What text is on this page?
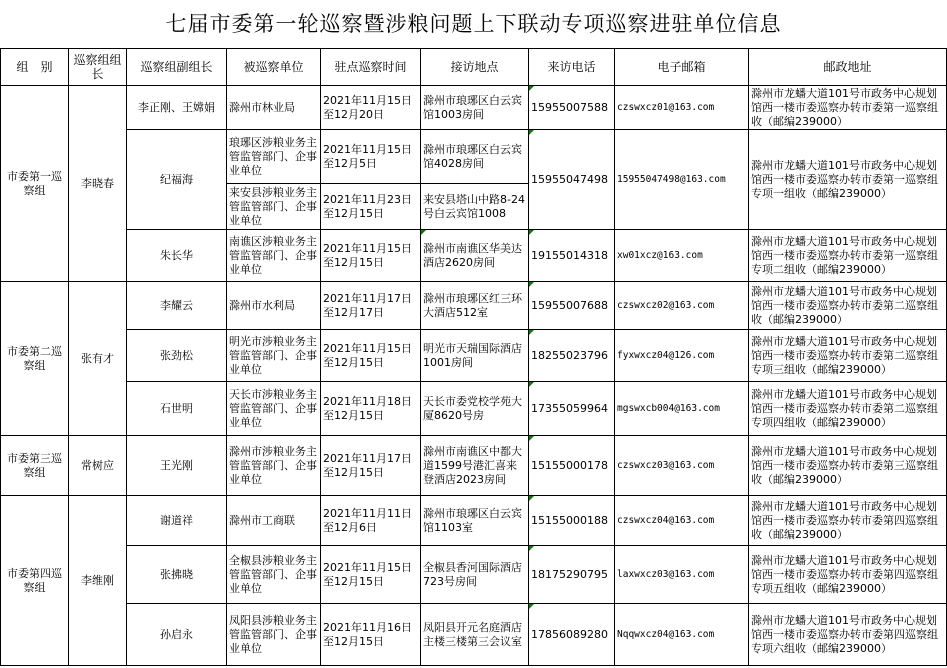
七届市委第一轮巡察暨涉粮问题上下联动专项巡察进驻单位信息
组　别	巡察组组长	巡察组副组长	被巡察单位	驻点巡察时间	接访地点	来访电话	电子邮箱	邮政地址
市委第一巡察组	李晓春	李正刚、王嫦娟	滁州市林业局	2021年11月15日至12月20日	滁州市琅琊区白云宾馆1003房间	15955007588	czswxcz01@163.com	滁州市龙蟠大道101号市政务中心规划馆西一楼市委巡察办转市委第一巡察组收（邮编239000）
		纪福海	琅琊区涉粮业务主管监管部门、企事业单位	2021年11月15日至12月5日	滁州市琅琊区白云宾馆4028房间	15955047498	15955047498@163.com	滁州市龙蟠大道101号市政务中心规划馆西一楼市委巡察办转市委第一巡察组专项一组收（邮编239000）
			来安县涉粮业务主管监管部门、企事业单位	2021年11月23日至12月15日	来安县塔山中路8-24号白云宾馆1008			
		朱长华	南谯区涉粮业务主管监管部门、企事业单位	2021年11月15日至12月15日	滁州市南谯区华美达酒店2620房间	19155014318	xw01xcz@163.com	滁州市龙蟠大道101号市政务中心规划馆西一楼市委巡察办转市委第一巡察组专项二组收（邮编239000）
市委第二巡察组	张有才	李耀云	滁州市水利局	2021年11月17日至12月17日	滁州市琅琊区红三环大酒店512室	15955007688	czswxcz02@163.com	滁州市龙蟠大道101号市政务中心规划馆西一楼市委巡察办转市委第二巡察组收（邮编239000）
		张劲松	明光市涉粮业务主管监管部门、企事业单位	2021年11月15日至12月15日	明光市天瑞国际酒店1001房间	18255023796	fyxwxcz04@126.com	滁州市龙蟠大道101号市政务中心规划馆西一楼市委巡察办转市委第二巡察组专项三组收（邮编239000）
		石世明	天长市涉粮业务主管监管部门、企事业单位	2021年11月18日至12月15日	天长市委党校学苑大厦8620号房	17355059964	mgswxcb004@163.com	滁州市龙蟠大道101号市政务中心规划馆西一楼市委巡察办转市委第二巡察组专项四组收（邮编239000）
市委第三巡察组	常树应	王光刚	滁州市涉粮业务主管监管部门、企事业单位	2021年11月17日至12月15日	滁州市南谯区中都大道1599号港汇喜来登酒店2023房间	15155000178	czswxcz03@163.com	滁州市龙蟠大道101号市政务中心规划馆西一楼市委巡察办转市委第三巡察组收（邮编239000）
市委第四巡察组	李维刚	谢道祥	滁州市工商联	2021年11月11日至12月6日	滁州市琅琊区白云宾馆1103室	15155000188	czswxcz04@163.com	滁州市龙蟠大道101号市政务中心规划馆西一楼市委巡察办转市委第四巡察组收（邮编239000）
		张拂晓	全椒县涉粮业务主管监管部门、企事业单位	2021年11月15日至12月15日	全椒县香河国际酒店723号房间	18175290795	laxwxcz03@163.com	滁州市龙蟠大道101号市政务中心规划馆西一楼市委巡察办转市委第四巡察组专项五组收（邮编239000）
		孙启永	凤阳县涉粮业务主管监管部门、企事业单位	2021年11月16日至12月15日	凤阳县开元名庭酒店主楼三楼第三会议室	17856089280	Nqqwxcz04@163.com	滁州市龙蟠大道101号市政务中心规划馆西一楼市委巡察办转市委第四巡察组专项六组收（邮编239000）
